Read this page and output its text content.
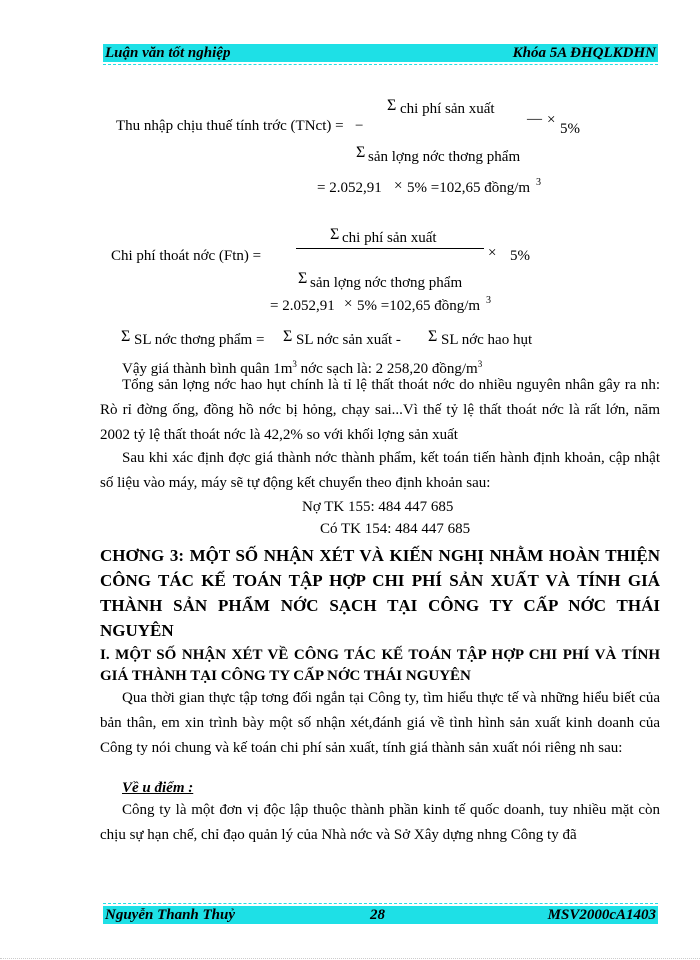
Luận văn tốt nghiệp	Khóa 5A ĐHQLKDHN
Thu nhập chịu thuế tính trớc (TNct) = −
Σ chi phí sản xuất
— ×
5%
Σ sản lợng nớc thơng phẩm
= 2.052,91 × 5% =102,65 đồng/m 3
Chi phí thoát nớc (Ftn) =
Σ chi phí sản xuất
× 5%
Σ sản lợng nớc thơng phẩm
= 2.052,91 × 5% =102,65 đồng/m 3
Σ SL nớc thơng phẩm = Σ SL nớc sản xuất - Σ SL nớc hao hụt
Vậy giá thành bình quân $1m^3$ nớc sạch là: 2 258,20 đồng/$m^3$

Tổng sản lợng nớc hao hụt chính là tỉ lệ thất thoát nớc do nhiều nguyên nhân gây ra nh: Rò rỉ đờng ống, đồng hồ nớc bị hỏng, chạy sai...Vì thế tỷ lệ thất thoát nớc là rất lớn, năm 2002 tỷ lệ thất thoát nớc là 42,2% so với khối lợng sản xuất

Sau khi xác định đợc giá thành nớc thành phẩm, kết toán tiến hành định khoản, cập nhật số liệu vào máy, máy sẽ tự động kết chuyển theo định khoản sau:

Nợ TK 155: 484 447 685
Có TK 154: 484 447 685
CHƠNG 3: MỘT SỐ NHẬN XÉT VÀ KIẾN NGHỊ NHẰM HOÀN THIỆN CÔNG TÁC KẾ TOÁN TẬP HỢP CHI PHÍ SẢN XUẤT VÀ TÍNH GIÁ THÀNH SẢN PHẨM NỚC SẠCH TẠI CÔNG TY CẤP NỚC THÁI NGUYÊN
I. MỘT SỐ NHẬN XÉT VỀ CÔNG TÁC KẾ TOÁN TẬP HỢP CHI PHÍ VÀ TÍNH GIÁ THÀNH TẠI CÔNG TY CẤP NỚC THÁI NGUYÊN

Qua thời gian thực tập tơng đối ngắn tại Công ty, tìm hiểu thực tế và những hiểu biết của bản thân, em xin trình bày một số nhận xét,đánh giá về tình hình sản xuất kinh doanh của Công ty nói chung và kế toán chi phí sản xuất, tính giá thành sản xuất nói riêng nh sau:

Về u điểm :

Công ty là một đơn vị độc lập thuộc thành phần kinh tế quốc doanh, tuy nhiều mặt còn chịu sự hạn chế, chỉ đạo quản lý của Nhà nớc và Sở Xây dựng nhng Công ty đã

Nguyễn Thanh Thuỷ	28	MSV2000cA1403
